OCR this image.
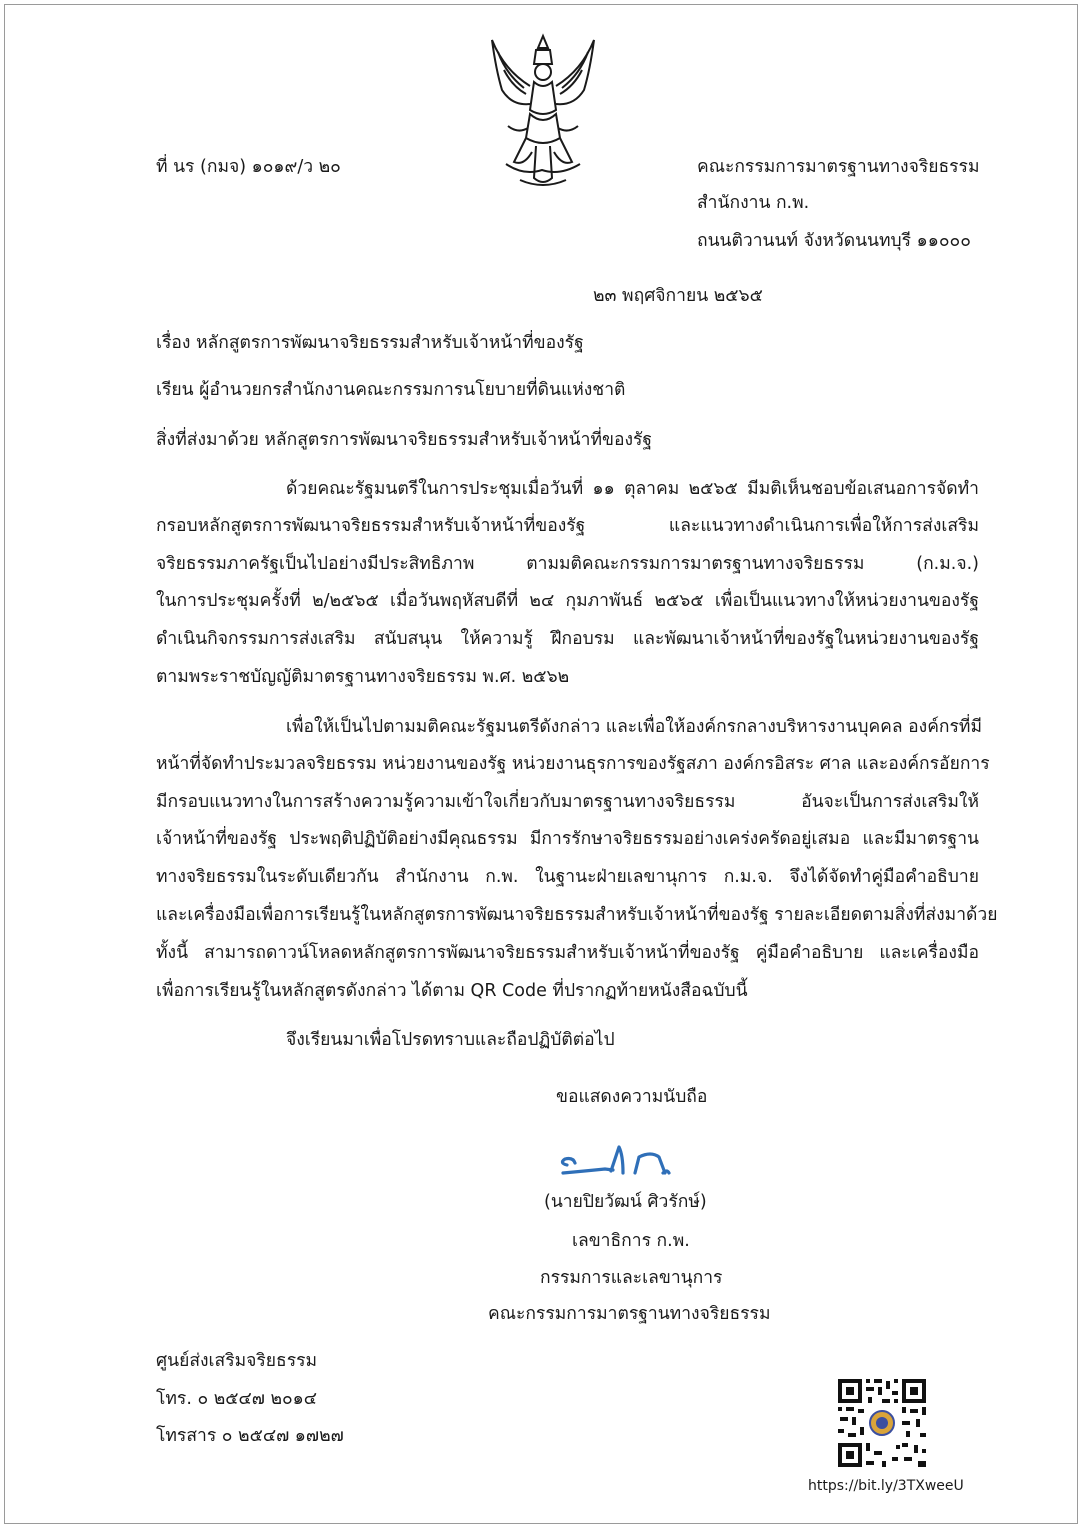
ที่ นร (กมจ) ๑๐๑๙/ว ๒๐	คณะกรรมการมาตรฐานทางจริยธรรม
สำนักงาน ก.พ.
ถนนติวานนท์ จังหวัดนนทบุรี ๑๑๐๐๐
๒๓ พฤศจิกายน ๒๕๖๕
เรื่อง หลักสูตรการพัฒนาจริยธรรมสำหรับเจ้าหน้าที่ของรัฐ
เรียน ผู้อำนวยกรสำนักงานคณะกรรมการนโยบายที่ดินแห่งชาติ
สิ่งที่ส่งมาด้วย หลักสูตรการพัฒนาจริยธรรมสำหรับเจ้าหน้าที่ของรัฐ
ด้วยคณะรัฐมนตรีในการประชุมเมื่อวันที่ ๑๑ ตุลาคม ๒๕๖๕ มีมติเห็นชอบข้อเสนอการจัดทำ
กรอบหลักสูตรการพัฒนาจริยธรรมสำหรับเจ้าหน้าที่ของรัฐ และแนวทางดำเนินการเพื่อให้การส่งเสริม
จริยธรรมภาครัฐเป็นไปอย่างมีประสิทธิภาพ ตามมติคณะกรรมการมาตรฐานทางจริยธรรม (ก.ม.จ.)
ในการประชุมครั้งที่ ๒/๒๕๖๕ เมื่อวันพฤหัสบดีที่ ๒๔ กุมภาพันธ์ ๒๕๖๕ เพื่อเป็นแนวทางให้หน่วยงานของรัฐ
ดำเนินกิจกรรมการส่งเสริม สนับสนุน ให้ความรู้ ฝึกอบรม และพัฒนาเจ้าหน้าที่ของรัฐในหน่วยงานของรัฐ
ตามพระราชบัญญัติมาตรฐานทางจริยธรรม พ.ศ. ๒๕๖๒
เพื่อให้เป็นไปตามมติคณะรัฐมนตรีดังกล่าว และเพื่อให้องค์กรกลางบริหารงานบุคคล องค์กรที่มี
หน้าที่จัดทำประมวลจริยธรรม หน่วยงานของรัฐ หน่วยงานธุรการของรัฐสภา องค์กรอิสระ ศาล และองค์กรอัยการ
มีกรอบแนวทางในการสร้างความรู้ความเข้าใจเกี่ยวกับมาตรฐานทางจริยธรรม อันจะเป็นการส่งเสริมให้
เจ้าหน้าที่ของรัฐ ประพฤติปฏิบัติอย่างมีคุณธรรม มีการรักษาจริยธรรมอย่างเคร่งครัดอยู่เสมอ และมีมาตรฐาน
ทางจริยธรรมในระดับเดียวกัน สำนักงาน ก.พ. ในฐานะฝ่ายเลขานุการ ก.ม.จ. จึงได้จัดทำคู่มือคำอธิบาย
และเครื่องมือเพื่อการเรียนรู้ในหลักสูตรการพัฒนาจริยธรรมสำหรับเจ้าหน้าที่ของรัฐ รายละเอียดตามสิ่งที่ส่งมาด้วย
ทั้งนี้ สามารถดาวน์โหลดหลักสูตรการพัฒนาจริยธรรมสำหรับเจ้าหน้าที่ของรัฐ คู่มือคำอธิบาย และเครื่องมือ
เพื่อการเรียนรู้ในหลักสูตรดังกล่าว ได้ตาม QR Code ที่ปรากฏท้ายหนังสือฉบับนี้
จึงเรียนมาเพื่อโปรดทราบและถือปฏิบัติต่อไป
ขอแสดงความนับถือ
(นายปิยวัฒน์ ศิวรักษ์)
เลขาธิการ ก.พ.
กรรมการและเลขานุการ
คณะกรรมการมาตรฐานทางจริยธรรม
ศูนย์ส่งเสริมจริยธรรม
โทร. ๐ ๒๕๔๗ ๒๐๑๔
โทรสาร ๐ ๒๕๔๗ ๑๗๒๗
https://bit.ly/3TXweeU
